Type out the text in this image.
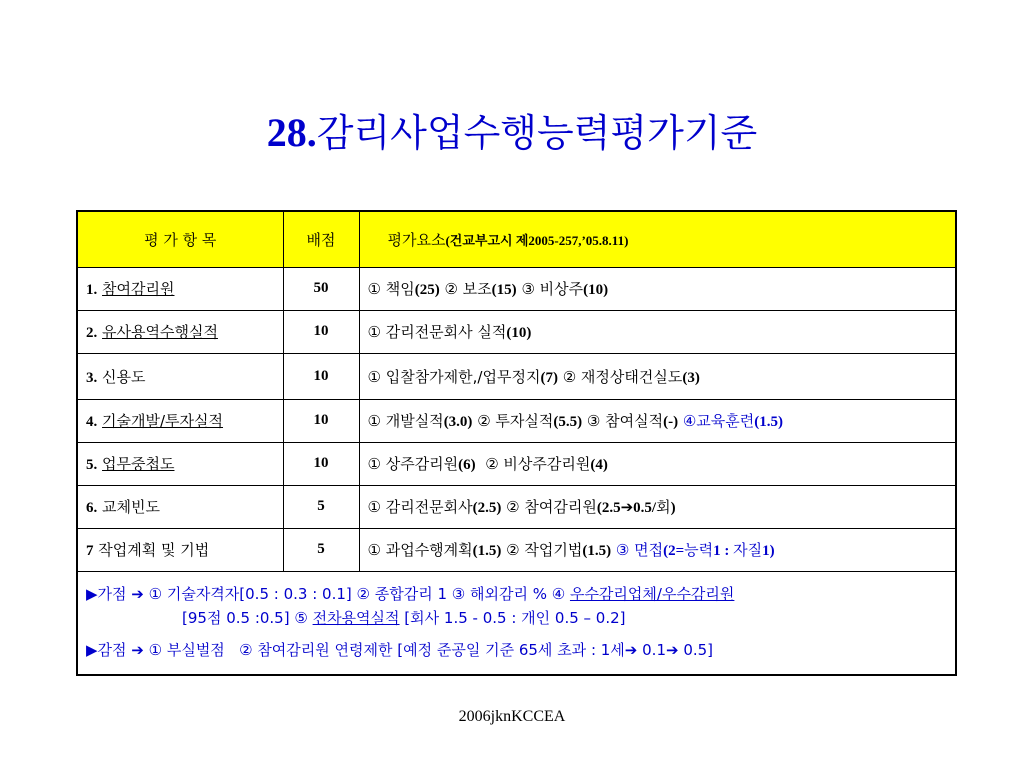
28.감리사업수행능력평가기준
평 가 항 목	배점	평가요소(건교부고시 제2005-257,’05.8.11)
1. 참여감리원	50	① 책임(25) ② 보조(15) ③ 비상주(10)
2. 유사용역수행실적	10	① 감리전문회사 실적(10)
3. 신용도	10	① 입찰참가제한,/업무정지(7) ② 재정상태건실도(3)
4. 기술개발/투자실적	10	① 개발실적(3.0) ② 투자실적(5.5) ③ 참여실적(-) ④교육훈련(1.5)
5. 업무중첩도	10	① 상주감리원(6)  ② 비상주감리원(4)
6. 교체빈도	5	① 감리전문회사(2.5) ② 참여감리원(2.5➔0.5/회)
7 작업계획 및 기법	5	① 과업수행계획(1.5) ② 작업기법(1.5) ③ 면접(2=능력1 : 자질1)

▶가점 ➔ ① 기술자격자[0.5 : 0.3 : 0.1] ② 종합감리 1 ③ 해외감리 % ④ 우수감리업체/우수감리원
[95점 0.5 :0.5] ⑤ 전차용역실적 [회사 1.5 - 0.5 : 개인 0.5 – 0.2]
▶감점 ➔ ① 부실벌점   ② 참여감리원 연령제한 [예정 준공일 기준 65세 초과 : 1세➔ 0.1➔ 0.5]		
2006jknKCCEA
